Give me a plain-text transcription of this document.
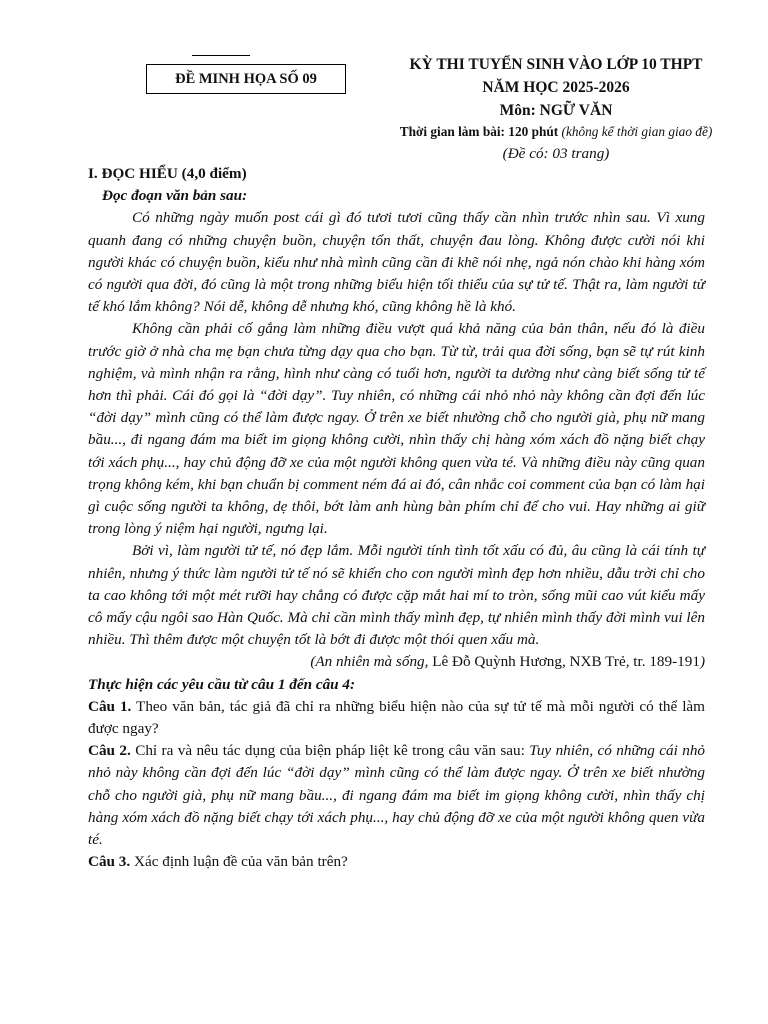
ĐỀ MINH HỌA SỐ 09
KỲ THI TUYỂN SINH VÀO LỚP 10 THPT
NĂM HỌC 2025-2026
Môn: NGỮ VĂN
Thời gian làm bài: 120 phút (không kể thời gian giao đề)
(Đề có: 03 trang)
I. ĐỌC HIỂU (4,0 điểm)
Đọc đoạn văn bản sau:

Có những ngày muốn post cái gì đó tươi tươi cũng thấy cần nhìn trước nhìn sau. Vì xung quanh đang có những chuyện buồn, chuyện tổn thất, chuyện đau lòng. Không được cười nói khi người khác có chuyện buồn, kiểu như nhà mình cũng cần đi khẽ nói nhẹ, ngả nón chào khi hàng xóm có người qua đời, đó cũng là một trong những biểu hiện tối thiểu của sự tử tế. Thật ra, làm người tử tế khó lắm không? Nói dễ, không dễ nhưng khó, cũng không hề là khó.

Không cần phải cố gắng làm những điều vượt quá khả năng của bản thân, nếu đó là điều trước giờ ở nhà cha mẹ bạn chưa từng dạy qua cho bạn. Từ từ, trải qua đời sống, bạn sẽ tự rút kinh nghiệm, và mình nhận ra rằng, hình như càng có tuổi hơn, người ta dường như càng biết sống tử tế hơn thì phải. Cái đó gọi là “đời dạy”. Tuy nhiên, có những cái nhỏ nhỏ này không cần đợi đến lúc “đời dạy” mình cũng có thể làm được ngay. Ở trên xe biết nhường chỗ cho người già, phụ nữ mang bầu..., đi ngang đám ma biết im giọng không cười, nhìn thấy chị hàng xóm xách đồ nặng biết chạy tới xách phụ..., hay chủ động đỡ xe của một người không quen vừa té. Và những điều này cũng quan trọng không kém, khi bạn chuẩn bị comment ném đá ai đó, cân nhắc coi comment của bạn có làm hại gì cuộc sống người ta không, dẹ thôi, bớt làm anh hùng bàn phím chỉ để cho vui. Hay những ai giữ trong lòng ý niệm hại người, ngưng lại.

Bởi vì, làm người tử tế, nó đẹp lắm. Mỗi người tính tình tốt xấu có đủ, âu cũng là cái tính tự nhiên, nhưng ý thức làm người tử tế nó sẽ khiến cho con người mình đẹp hơn nhiều, dẫu trời chỉ cho ta cao không tới một mét rưỡi hay chẳng có được cặp mắt hai mí to tròn, sống mũi cao vút kiểu mấy cô mấy cậu ngôi sao Hàn Quốc. Mà chỉ cần mình thấy mình đẹp, tự nhiên mình thấy đời mình vui lên nhiều. Thì thêm được một chuyện tốt là bớt đi được một thói quen xấu mà.

(An nhiên mà sống, Lê Đỗ Quỳnh Hương, NXB Trẻ, tr. 189-191)
Thực hiện các yêu cầu từ câu 1 đến câu 4:

Câu 1. Theo văn bản, tác giả đã chỉ ra những biểu hiện nào của sự tử tế mà mỗi người có thể làm được ngay?

Câu 2. Chỉ ra và nêu tác dụng của biện pháp liệt kê trong câu văn sau: Tuy nhiên, có những cái nhỏ nhỏ này không cần đợi đến lúc “đời dạy” mình cũng có thể làm được ngay. Ở trên xe biết nhường chỗ cho người già, phụ nữ mang bầu..., đi ngang đám ma biết im giọng không cười, nhìn thấy chị hàng xóm xách đồ nặng biết chạy tới xách phụ..., hay chủ động đỡ xe của một người không quen vừa té.

Câu 3. Xác định luận đề của văn bản trên?
